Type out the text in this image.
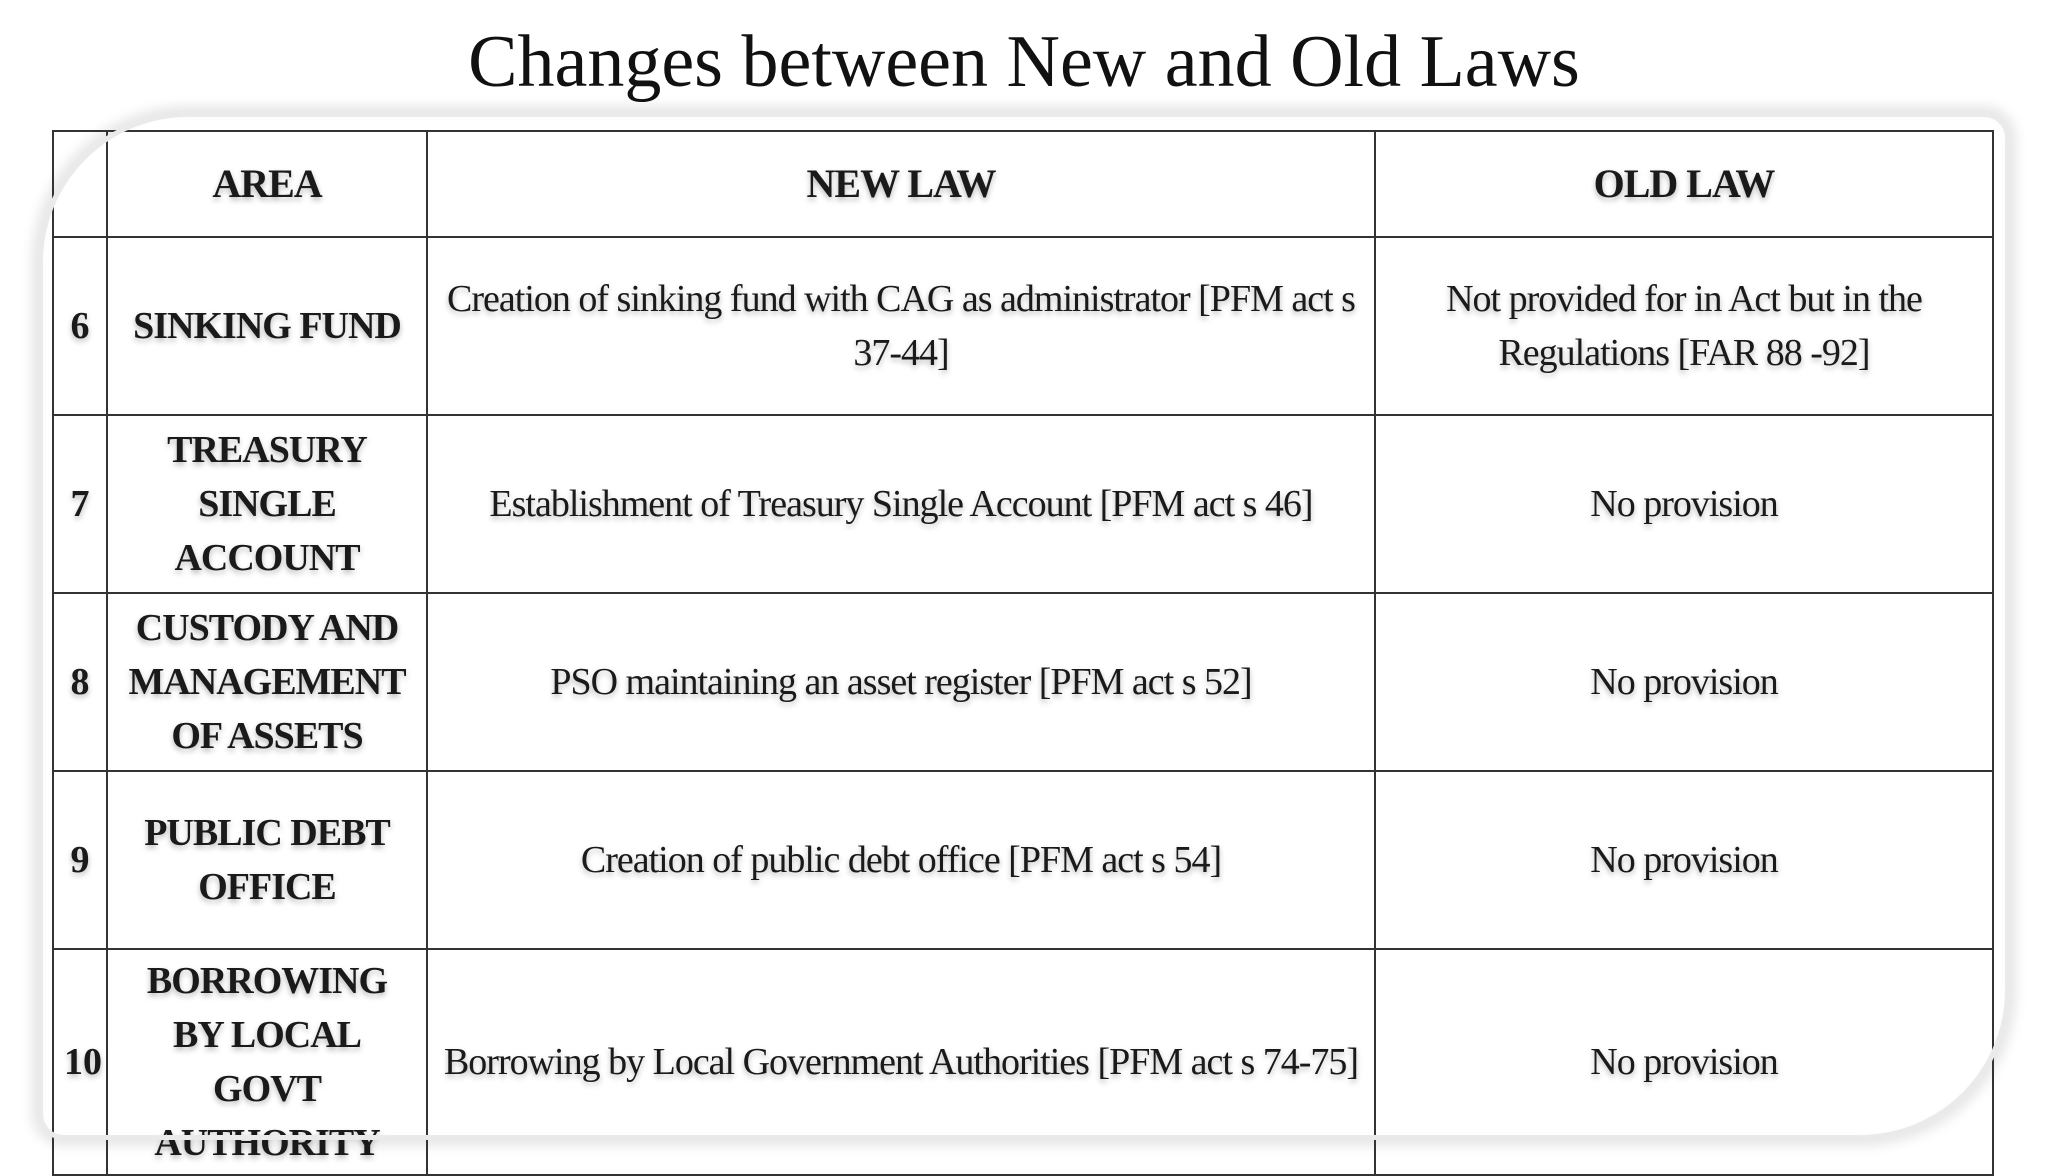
Changes between New and Old Laws
	AREA	NEW LAW	OLD LAW
6	SINKING FUND	Creation of sinking fund with CAG as administrator [PFM act s 37-44]	Not provided for in Act but in the Regulations [FAR 88 -92]
7	TREASURY SINGLE ACCOUNT	Establishment of Treasury Single Account [PFM act s 46]	No provision
8	CUSTODY AND MANAGEMENT OF ASSETS	PSO maintaining an asset register [PFM act s 52]	No provision
9	PUBLIC DEBT OFFICE	Creation of public debt office [PFM act s 54]	No provision
10	BORROWING BY LOCAL GOVT AUTHORITY	Borrowing by Local Government Authorities [PFM act s 74-75]	No provision
